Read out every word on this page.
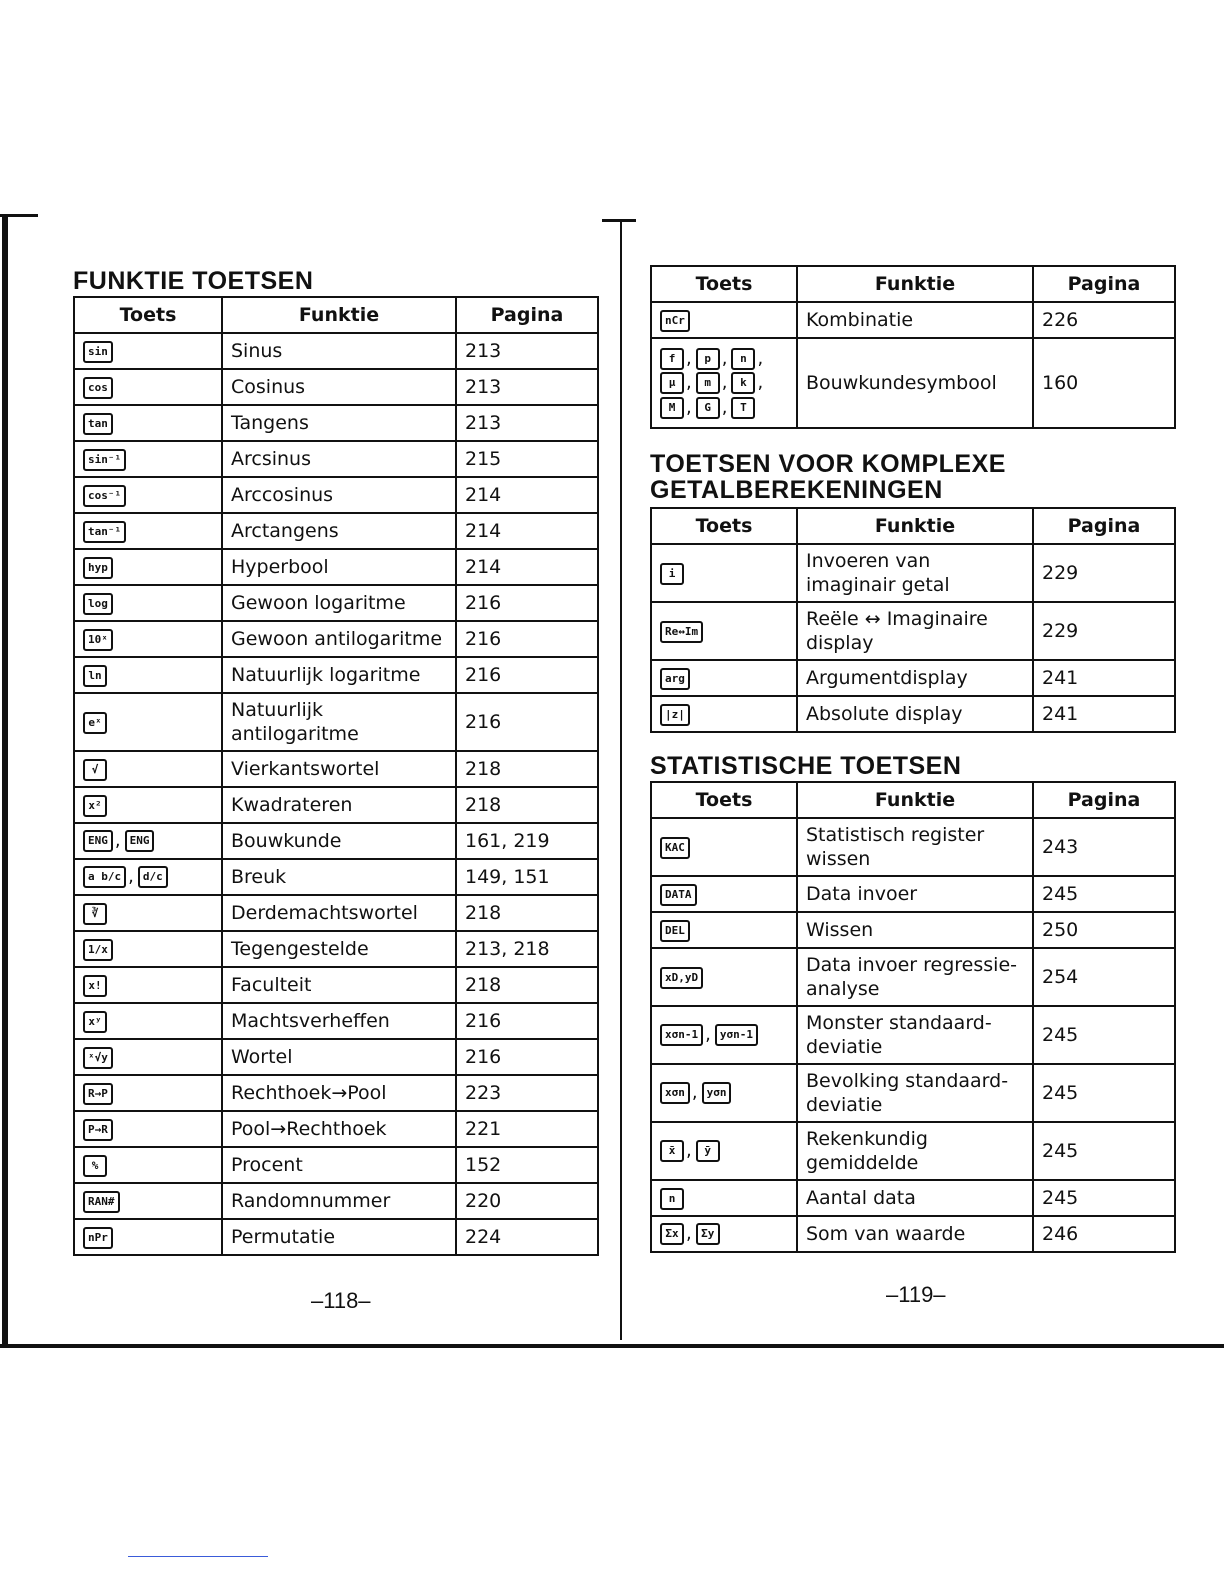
FUNKTIE TOETSEN
Toets	Funktie	Pagina
sin	Sinus	213
cos	Cosinus	213
tan	Tangens	213
sin⁻¹	Arcsinus	215
cos⁻¹	Arccosinus	214
tan⁻¹	Arctangens	214
hyp	Hyperbool	214
log	Gewoon logaritme	216
10ˣ	Gewoon antilogaritme	216
ln	Natuurlijk logaritme	216
eˣ	Natuurlijk antilogaritme	216
√	Vierkantswortel	218
x²	Kwadrateren	218
ENG , ENG	Bouwkunde	161, 219
a b/c , d/c	Breuk	149, 151
∛	Derdemachtswortel	218
1/x	Tegengestelde	213, 218
x!	Faculteit	218
xʸ	Machtsverheffen	216
ˣ√y	Wortel	216
R→P	Rechthoek→Pool	223
P→R	Pool→Rechthoek	221
%	Procent	152
RAN#	Randomnummer	220
nPr	Permutatie	224
–118–
Toets	Funktie	Pagina
nCr	Kombinatie	226
f , p , n ,μ , m , k ,M , G , T	Bouwkundesymbool	160
TOETSEN VOOR KOMPLEXE
GETALBEREKENINGEN
Toets	Funktie	Pagina
i	Invoeren van imaginair getal	229
Re↔Im	Reële ↔ Imaginaire display	229
arg	Argumentdisplay	241
|z|	Absolute display	241
STATISTISCHE TOETSEN
Toets	Funktie	Pagina
KAC	Statistisch register wissen	243
DATA	Data invoer	245
DEL	Wissen	250
xD,yD	Data invoer regressie-analyse	254
xσn-1 , yσn-1	Monster standaard-deviatie	245
xσn , yσn	Bevolking standaard-deviatie	245
x̄ , ȳ	Rekenkundig gemiddelde	245
n	Aantal data	245
Σx , Σy	Som van waarde	246
–119–
